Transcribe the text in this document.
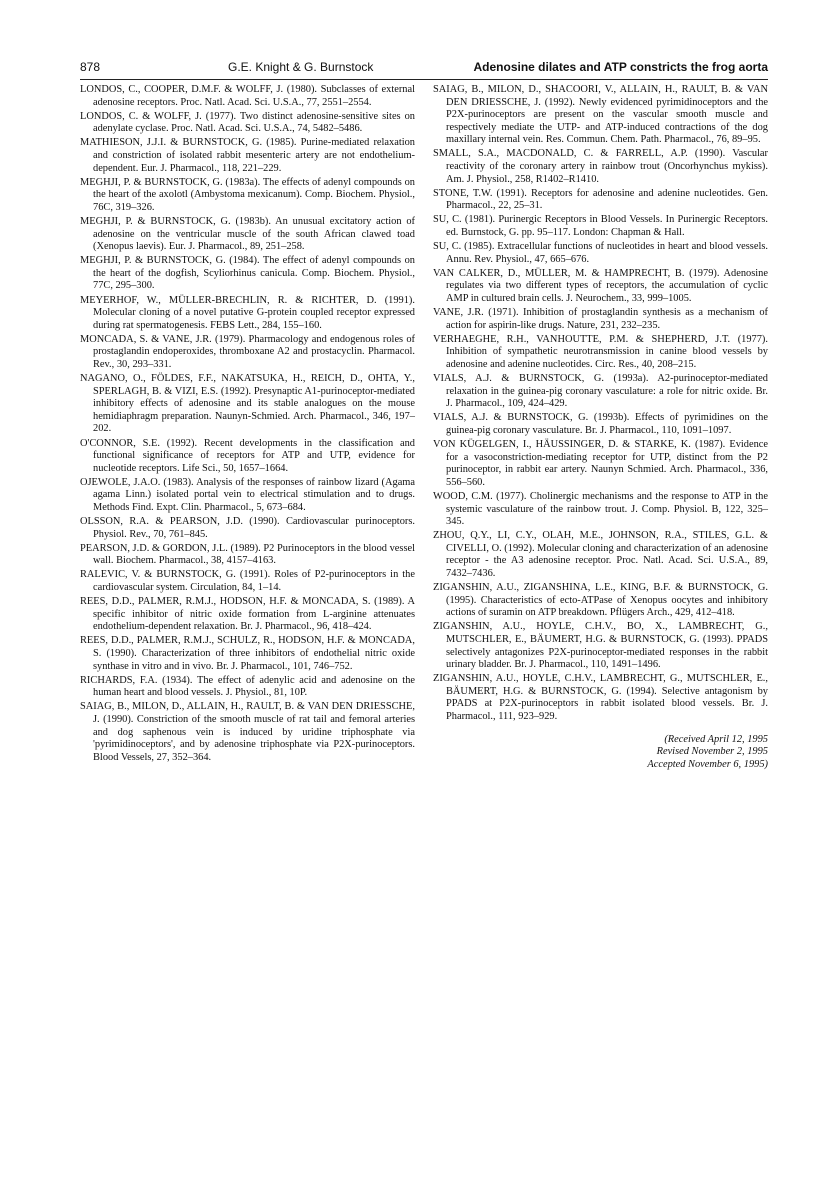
878	G.E. Knight & G. Burnstock	Adenosine dilates and ATP constricts the frog aorta

LONDOS, C., COOPER, D.M.F. & WOLFF, J. (1980). Subclasses of external adenosine receptors. Proc. Natl. Acad. Sci. U.S.A., 77, 2551–2554.

LONDOS, C. & WOLFF, J. (1977). Two distinct adenosine-sensitive sites on adenylate cyclase. Proc. Natl. Acad. Sci. U.S.A., 74, 5482–5486.

MATHIESON, J.J.I. & BURNSTOCK, G. (1985). Purine-mediated relaxation and constriction of isolated rabbit mesenteric artery are not endothelium-dependent. Eur. J. Pharmacol., 118, 221–229.

MEGHJI, P. & BURNSTOCK, G. (1983a). The effects of adenyl compounds on the heart of the axolotl (Ambystoma mexicanum). Comp. Biochem. Physiol., 76C, 319–326.

MEGHJI, P. & BURNSTOCK, G. (1983b). An unusual excitatory action of adenosine on the ventricular muscle of the south African clawed toad (Xenopus laevis). Eur. J. Pharmacol., 89, 251–258.

MEGHJI, P. & BURNSTOCK, G. (1984). The effect of adenyl compounds on the heart of the dogfish, Scyliorhinus canicula. Comp. Biochem. Physiol., 77C, 295–300.

MEYERHOF, W., MÜLLER-BRECHLIN, R. & RICHTER, D. (1991). Molecular cloning of a novel putative G-protein coupled receptor expressed during rat spermatogenesis. FEBS Lett., 284, 155–160.

MONCADA, S. & VANE, J.R. (1979). Pharmacology and endogenous roles of prostaglandin endoperoxides, thromboxane A2 and prostacyclin. Pharmacol. Rev., 30, 293–331.

NAGANO, O., FÖLDES, F.F., NAKATSUKA, H., REICH, D., OHTA, Y., SPERLAGH, B. & VIZI, E.S. (1992). Presynaptic A1-purinoceptor-mediated inhibitory effects of adenosine and its stable analogues on the mouse hemidiaphragm preparation. Naunyn-Schmied. Arch. Pharmacol., 346, 197–202.

O'CONNOR, S.E. (1992). Recent developments in the classification and functional significance of receptors for ATP and UTP, evidence for nucleotide receptors. Life Sci., 50, 1657–1664.

OJEWOLE, J.A.O. (1983). Analysis of the responses of rainbow lizard (Agama agama Linn.) isolated portal vein to electrical stimulation and to drugs. Methods Find. Expt. Clin. Pharmacol., 5, 673–684.

OLSSON, R.A. & PEARSON, J.D. (1990). Cardiovascular purinoceptors. Physiol. Rev., 70, 761–845.

PEARSON, J.D. & GORDON, J.L. (1989). P2 Purinoceptors in the blood vessel wall. Biochem. Pharmacol., 38, 4157–4163.

RALEVIC, V. & BURNSTOCK, G. (1991). Roles of P2-purinoceptors in the cardiovascular system. Circulation, 84, 1–14.

REES, D.D., PALMER, R.M.J., HODSON, H.F. & MONCADA, S. (1989). A specific inhibitor of nitric oxide formation from L-arginine attenuates endothelium-dependent relaxation. Br. J. Pharmacol., 96, 418–424.

REES, D.D., PALMER, R.M.J., SCHULZ, R., HODSON, H.F. & MONCADA, S. (1990). Characterization of three inhibitors of endothelial nitric oxide synthase in vitro and in vivo. Br. J. Pharmacol., 101, 746–752.

RICHARDS, F.A. (1934). The effect of adenylic acid and adenosine on the human heart and blood vessels. J. Physiol., 81, 10P.

SAIAG, B., MILON, D., ALLAIN, H., RAULT, B. & VAN DEN DRIESSCHE, J. (1990). Constriction of the smooth muscle of rat tail and femoral arteries and dog saphenous vein is induced by uridine triphosphate via 'pyrimidinoceptors', and by adenosine triphosphate via P2X-purinoceptors. Blood Vessels, 27, 352–364.

SAIAG, B., MILON, D., SHACOORI, V., ALLAIN, H., RAULT, B. & VAN DEN DRIESSCHE, J. (1992). Newly evidenced pyrimidinoceptors and the P2X-purinoceptors are present on the vascular smooth muscle and respectively mediate the UTP- and ATP-induced contractions of the dog maxillary internal vein. Res. Commun. Chem. Path. Pharmacol., 76, 89–95.

SMALL, S.A., MACDONALD, C. & FARRELL, A.P. (1990). Vascular reactivity of the coronary artery in rainbow trout (Oncorhynchus mykiss). Am. J. Physiol., 258, R1402–R1410.

STONE, T.W. (1991). Receptors for adenosine and adenine nucleotides. Gen. Pharmacol., 22, 25–31.

SU, C. (1981). Purinergic Receptors in Blood Vessels. In Purinergic Receptors. ed. Burnstock, G. pp. 95–117. London: Chapman & Hall.

SU, C. (1985). Extracellular functions of nucleotides in heart and blood vessels. Annu. Rev. Physiol., 47, 665–676.

VAN CALKER, D., MÜLLER, M. & HAMPRECHT, B. (1979). Adenosine regulates via two different types of receptors, the accumulation of cyclic AMP in cultured brain cells. J. Neurochem., 33, 999–1005.

VANE, J.R. (1971). Inhibition of prostaglandin synthesis as a mechanism of action for aspirin-like drugs. Nature, 231, 232–235.

VERHAEGHE, R.H., VANHOUTTE, P.M. & SHEPHERD, J.T. (1977). Inhibition of sympathetic neurotransmission in canine blood vessels by adenosine and adenine nucleotides. Circ. Res., 40, 208–215.

VIALS, A.J. & BURNSTOCK, G. (1993a). A2-purinoceptor-mediated relaxation in the guinea-pig coronary vasculature: a role for nitric oxide. Br. J. Pharmacol., 109, 424–429.

VIALS, A.J. & BURNSTOCK, G. (1993b). Effects of pyrimidines on the guinea-pig coronary vasculature. Br. J. Pharmacol., 110, 1091–1097.

VON KÜGELGEN, I., HÄUSSINGER, D. & STARKE, K. (1987). Evidence for a vasoconstriction-mediating receptor for UTP, distinct from the P2 purinoceptor, in rabbit ear artery. Naunyn Schmied. Arch. Pharmacol., 336, 556–560.

WOOD, C.M. (1977). Cholinergic mechanisms and the response to ATP in the systemic vasculature of the rainbow trout. J. Comp. Physiol. B, 122, 325–345.

ZHOU, Q.Y., LI, C.Y., OLAH, M.E., JOHNSON, R.A., STILES, G.L. & CIVELLI, O. (1992). Molecular cloning and characterization of an adenosine receptor - the A3 adenosine receptor. Proc. Natl. Acad. Sci. U.S.A., 89, 7432–7436.

ZIGANSHIN, A.U., ZIGANSHINA, L.E., KING, B.F. & BURNSTOCK, G. (1995). Characteristics of ecto-ATPase of Xenopus oocytes and inhibitory actions of suramin on ATP breakdown. Pflügers Arch., 429, 412–418.

ZIGANSHIN, A.U., HOYLE, C.H.V., BO, X., LAMBRECHT, G., MUTSCHLER, E., BÄUMERT, H.G. & BURNSTOCK, G. (1993). PPADS selectively antagonizes P2X-purinoceptor-mediated responses in the rabbit urinary bladder. Br. J. Pharmacol., 110, 1491–1496.

ZIGANSHIN, A.U., HOYLE, C.H.V., LAMBRECHT, G., MUTSCHLER, E., BÄUMERT, H.G. & BURNSTOCK, G. (1994). Selective antagonism by PPADS at P2X-purinoceptors in rabbit isolated blood vessels. Br. J. Pharmacol., 111, 923–929.

(Received April 12, 1995
Revised November 2, 1995
Accepted November 6, 1995)
